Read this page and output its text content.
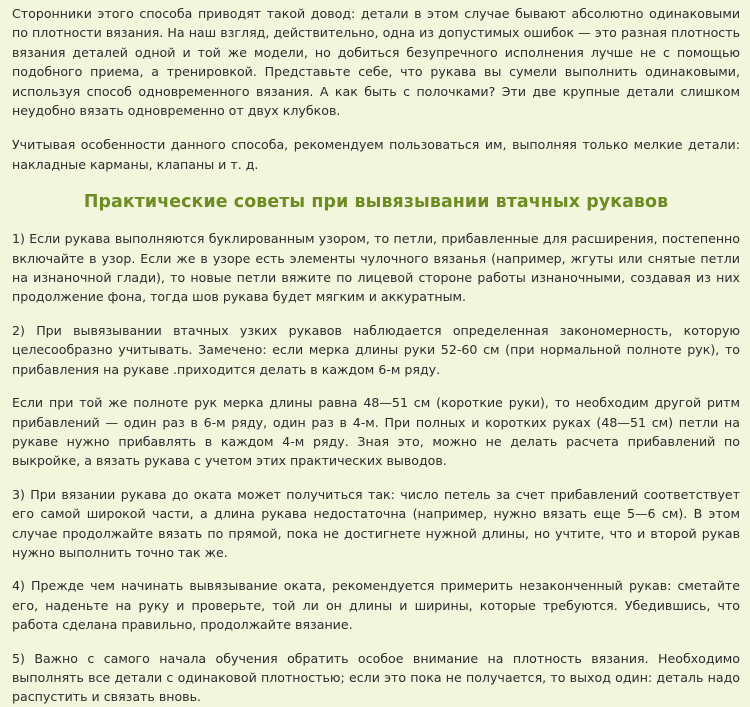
Сторонники этого способа приводят такой довод: детали в этом случае бывают абсолютно одинаковыми по плотности вязания. На наш взгляд, действительно, одна из допустимых ошибок — это разная плотность вязания деталей одной и той же модели, но добиться безупречного исполнения лучше не с помощью подобного приема, а тренировкой. Представьте себе, что рукава вы сумели выполнить одинаковыми, используя способ одновременного вязания. А как быть с полочками? Эти две крупные детали слишком неудобно вязать одновременно от двух клубков.

Учитывая особенности данного способа, рекомендуем пользоваться им, выполняя только мелкие детали: накладные карманы, клапаны и т. д.

Практические советы при вывязывании втачных рукавов

1) Если рукава выполняются буклированным узором, то петли, прибавленные для расширения, постепенно включайте в узор. Если же в узоре есть элементы чулочного вязанья (например, жгуты или снятые петли на изнаночной глади), то новые петли вяжите по лицевой стороне работы изнаночными, создавая из них продолжение фона, тогда шов рукава будет мягким и аккуратным.

2) При вывязывании втачных узких рукавов наблюдается определенная закономерность, которую целесообразно учитывать. Замечено: если мерка длины руки 52-60 см (при нормальной полноте рук), то прибавления на рукаве .приходится делать в каждом 6-м ряду.

Если при той же полноте рук мерка длины равна 48—51 см (короткие руки), то необходим другой ритм прибавлений — один раз в 6-м ряду, один раз в 4-м. При полных и коротких руках (48—51 см) петли на рукаве нужно прибавлять в каждом 4-м ряду. Зная это, можно не делать расчета прибавлений по выкройке, а вязать рукава с учетом этих практических выводов.

3) При вязании рукава до оката может получиться так: число петель за счет прибавлений соответствует его самой широкой части, а длина рукава недостаточна (например, нужно вязать еще 5—6 см). В этом случае продолжайте вязать по прямой, пока не достигнете нужной длины, но учтите, что и второй рукав нужно выполнить точно так же.

4) Прежде чем начинать вывязывание оката, рекомендуется примерить незаконченный рукав: сметайте его, наденьте на руку и проверьте, той ли он длины и ширины, которые требуются. Убедившись, что работа сделана правильно, продолжайте вязание.

5) Важно с самого начала обучения обратить особое внимание на плотность вязания. Необходимо выполнять все детали с одинаковой плотностью; если это пока не получается, то выход один: деталь надо распустить и связать вновь.
